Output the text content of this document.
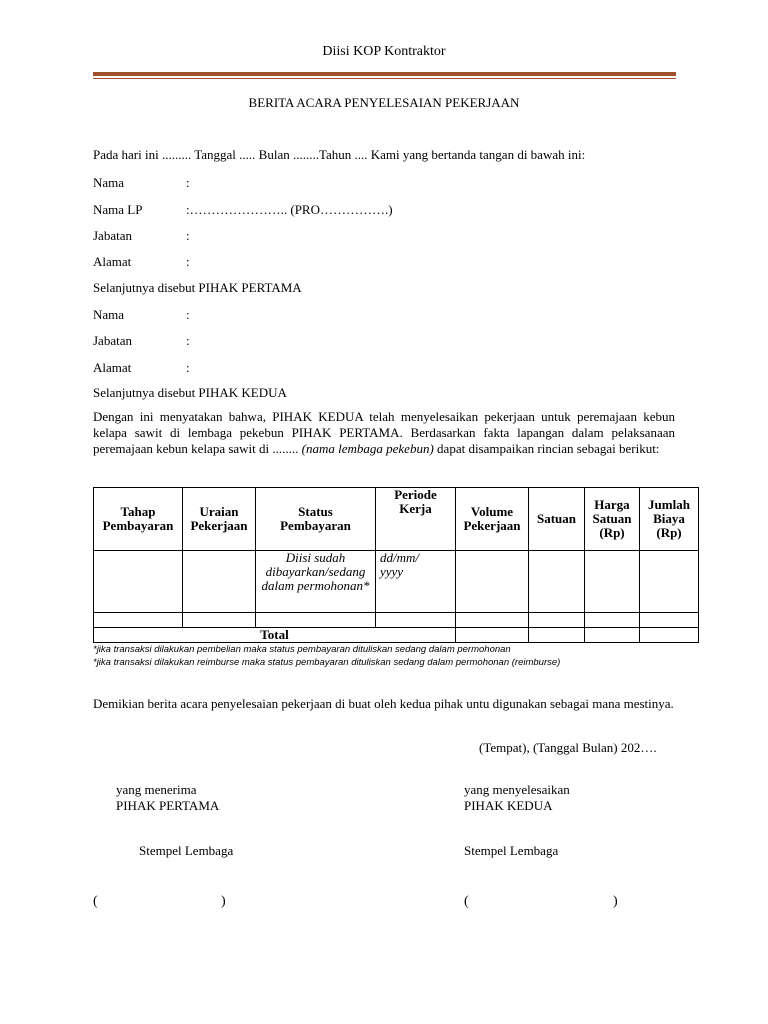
Diisi KOP Kontraktor
BERITA ACARA PENYELESAIAN PEKERJAAN
Pada hari ini ......... Tanggal ..... Bulan ........Tahun .... Kami yang bertanda tangan di bawah ini:
Nama	:
Nama LP	:………………….. (PRO…………….)
Jabatan	:
Alamat	:
Selanjutnya disebut PIHAK PERTAMA
Nama	:
Jabatan	:
Alamat	:
Selanjutnya disebut PIHAK KEDUA
Dengan ini menyatakan bahwa, PIHAK KEDUA telah menyelesaikan pekerjaan untuk peremajaan kebun kelapa sawit di lembaga pekebun PIHAK PERTAMA. Berdasarkan fakta lapangan dalam pelaksanaan peremajaan kebun kelapa sawit di ........ (nama lembaga pekebun) dapat disampaikan rincian sebagai berikut:
Tahap Pembayaran	Uraian Pekerjaan	Status Pembayaran	Periode Kerja	Volume Pekerjaan	Satuan	Harga Satuan (Rp)	Jumlah Biaya (Rp)
		Diisi sudah dibayarkan/sedang dalam permohonan*	dd/mm/ yyyy				

Total							
*jika transaksi dilakukan pembelian maka status pembayaran dituliskan sedang dalam permohonan
*jika transaksi dilakukan reimburse maka status pembayaran dituliskan sedang dalam permohonan (reimburse)
Demikian berita acara penyelesaian pekerjaan di buat oleh kedua pihak untu digunakan sebagai mana mestinya.
(Tempat), (Tanggal Bulan) 202….
yang menerima
PIHAK PERTAMA
Stempel Lembaga
(	)
yang menyelesaikan
PIHAK KEDUA
Stempel Lembaga
(	)
